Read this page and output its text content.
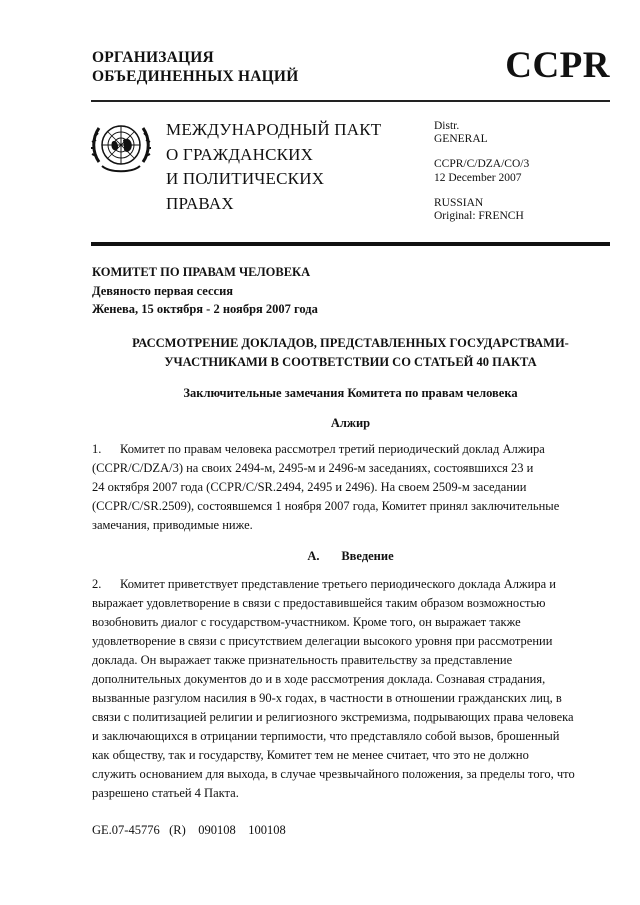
ОРГАНИЗАЦИЯ
ОБЪЕДИНЕННЫХ НАЦИЙ	CCPR
МЕЖДУНАРОДНЫЙ ПАКТ
О ГРАЖДАНСКИХ
И ПОЛИТИЧЕСКИХ
ПРАВАХ
Distr.
GENERAL
CCPR/C/DZA/CO/3
12 December 2007
RUSSIAN
Original: FRENCH
КОМИТЕТ ПО ПРАВАМ ЧЕЛОВЕКА
Девяносто первая сессия
Женева, 15 октября - 2 ноября 2007 года
РАССМОТРЕНИЕ ДОКЛАДОВ, ПРЕДСТАВЛЕННЫХ ГОСУДАРСТВАМИ-
УЧАСТНИКАМИ В СООТВЕТСТВИИ СО СТАТЬЕЙ 40 ПАКТА
Заключительные замечания Комитета по правам человека
Алжир
1. Комитет по правам человека рассмотрел третий периодический доклад Алжира
(CCPR/C/DZA/3) на своих 2494-м, 2495-м и 2496-м заседаниях, состоявшихся 23 и
24 октября 2007 года (CCPR/C/SR.2494, 2495 и 2496). На своем 2509-м заседании
(CCPR/C/SR.2509), состоявшемся 1 ноября 2007 года, Комитет принял заключительные
замечания, приводимые ниже.
A. Введение
2. Комитет приветствует представление третьего периодического доклада Алжира и
выражает удовлетворение в связи с предоставившейся таким образом возможностью
возобновить диалог с государством-участником. Кроме того, он выражает также
удовлетворение в связи с присутствием делегации высокого уровня при рассмотрении
доклада. Он выражает также признательность правительству за представление
дополнительных документов до и в ходе рассмотрения доклада. Сознавая страдания,
вызванные разгулом насилия в 90-х годах, в частности в отношении гражданских лиц, в
связи с политизацией религии и религиозного экстремизма, подрывающих права человека
и заключающихся в отрицании терпимости, что представляло собой вызов, брошенный
как обществу, так и государству, Комитет тем не менее считает, что это не должно
служить основанием для выхода, в случае чрезвычайного положения, за пределы того, что
разрешено статьей 4 Пакта.
GE.07-45776   (R)    090108    100108
